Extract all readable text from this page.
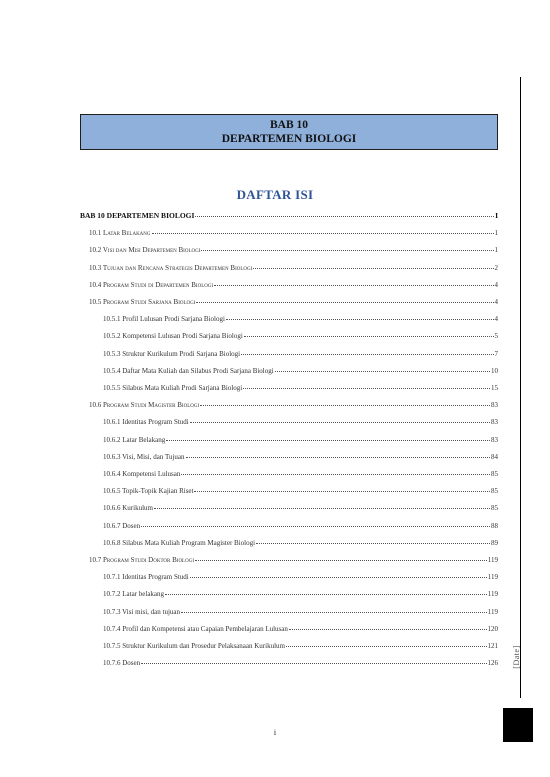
[Date]
BAB 10
DEPARTEMEN BIOLOGI
DAFTAR ISI
BAB 10 DEPARTEMEN BIOLOGI	I
10.1 Latar Belakang	1
10.2 Visi dan Misi Departemen Biologi	1
10.3 Tujuan dan Rencana Strategis Departemen Biologi	2
10.4 Program Studi di Departemen Biologi	4
10.5 Program Studi Sarjana Biologi	4
10.5.1 Profil Lulusan Prodi Sarjana Biologi	4
10.5.2 Kompetensi Lulusan Prodi Sarjana Biologi	5
10.5.3 Struktur Kurikulum Prodi Sarjana Biologi	7
10.5.4 Daftar Mata Kuliah dan Silabus Prodi Sarjana Biologi	10
10.5.5 Silabus Mata Kuliah Prodi Sarjana Biologi	15
10.6 Program Studi Magister Biologi	83
10.6.1 Identitas Program Studi	83
10.6.2 Latar Belakang	83
10.6.3 Visi, Misi, dan Tujuan	84
10.6.4 Kompetensi Lulusan	85
10.6.5 Topik-Topik Kajian Riset	85
10.6.6 Kurikulum	85
10.6.7 Dosen	88
10.6.8 Silabus Mata Kuliah Program Magister Biologi	89
10.7 Program Studi Doktor Biologi	119
10.7.1 Identitas Program Studi	119
10.7.2 Latar belakang	119
10.7.3 Visi misi, dan tujuan	119
10.7.4 Profil dan Kompetensi atau Capaian Pembelajaran Lulusan	120
10.7.5 Struktur Kurikulum dan Prosedur Pelaksanaan Kurikulum	121
10.7.6 Dosen	126
i
